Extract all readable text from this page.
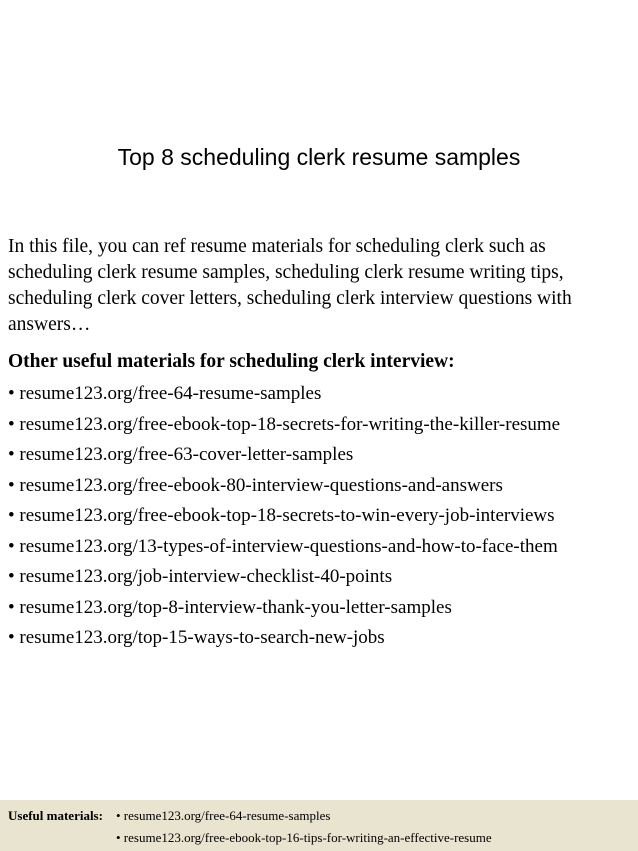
Top 8 scheduling clerk resume samples

In this file, you can ref resume materials for scheduling clerk such as scheduling clerk resume samples, scheduling clerk resume writing tips, scheduling clerk cover letters, scheduling clerk interview questions with answers…

Other useful materials for scheduling clerk interview:

• resume123.org/free-64-resume-samples
• resume123.org/free-ebook-top-18-secrets-for-writing-the-killer-resume
• resume123.org/free-63-cover-letter-samples
• resume123.org/free-ebook-80-interview-questions-and-answers
• resume123.org/free-ebook-top-18-secrets-to-win-every-job-interviews
• resume123.org/13-types-of-interview-questions-and-how-to-face-them
• resume123.org/job-interview-checklist-40-points
• resume123.org/top-8-interview-thank-you-letter-samples
• resume123.org/top-15-ways-to-search-new-jobs
Useful materials: • resume123.org/free-64-resume-samples
• resume123.org/free-ebook-top-16-tips-for-writing-an-effective-resume
